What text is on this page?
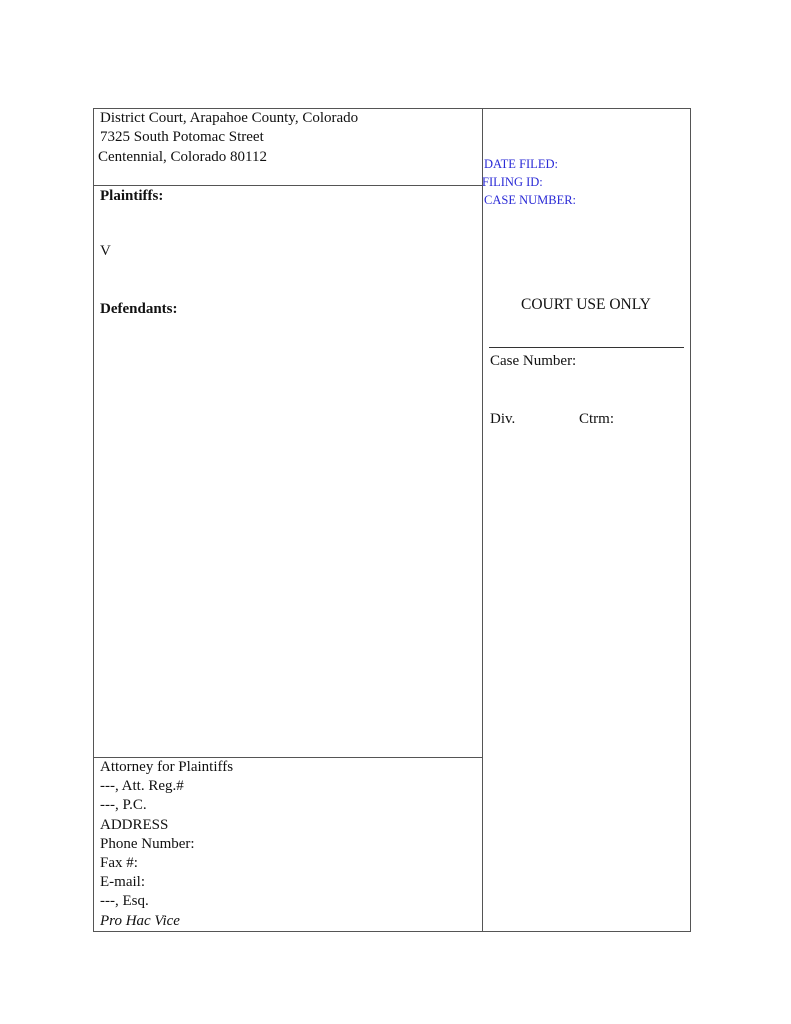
District Court, Arapahoe County, Colorado
7325 South Potomac Street
Centennial, Colorado 80112
Plaintiffs:
V
Defendants:
DATE FILED:
FILING ID:
CASE NUMBER:
COURT USE ONLY
Case Number:
Div.	Ctrm:
Attorney for Plaintiffs
---, Att. Reg.#
---, P.C.
ADDRESS
Phone Number:
Fax #:
E-mail:
---, Esq.
Pro Hac Vice
